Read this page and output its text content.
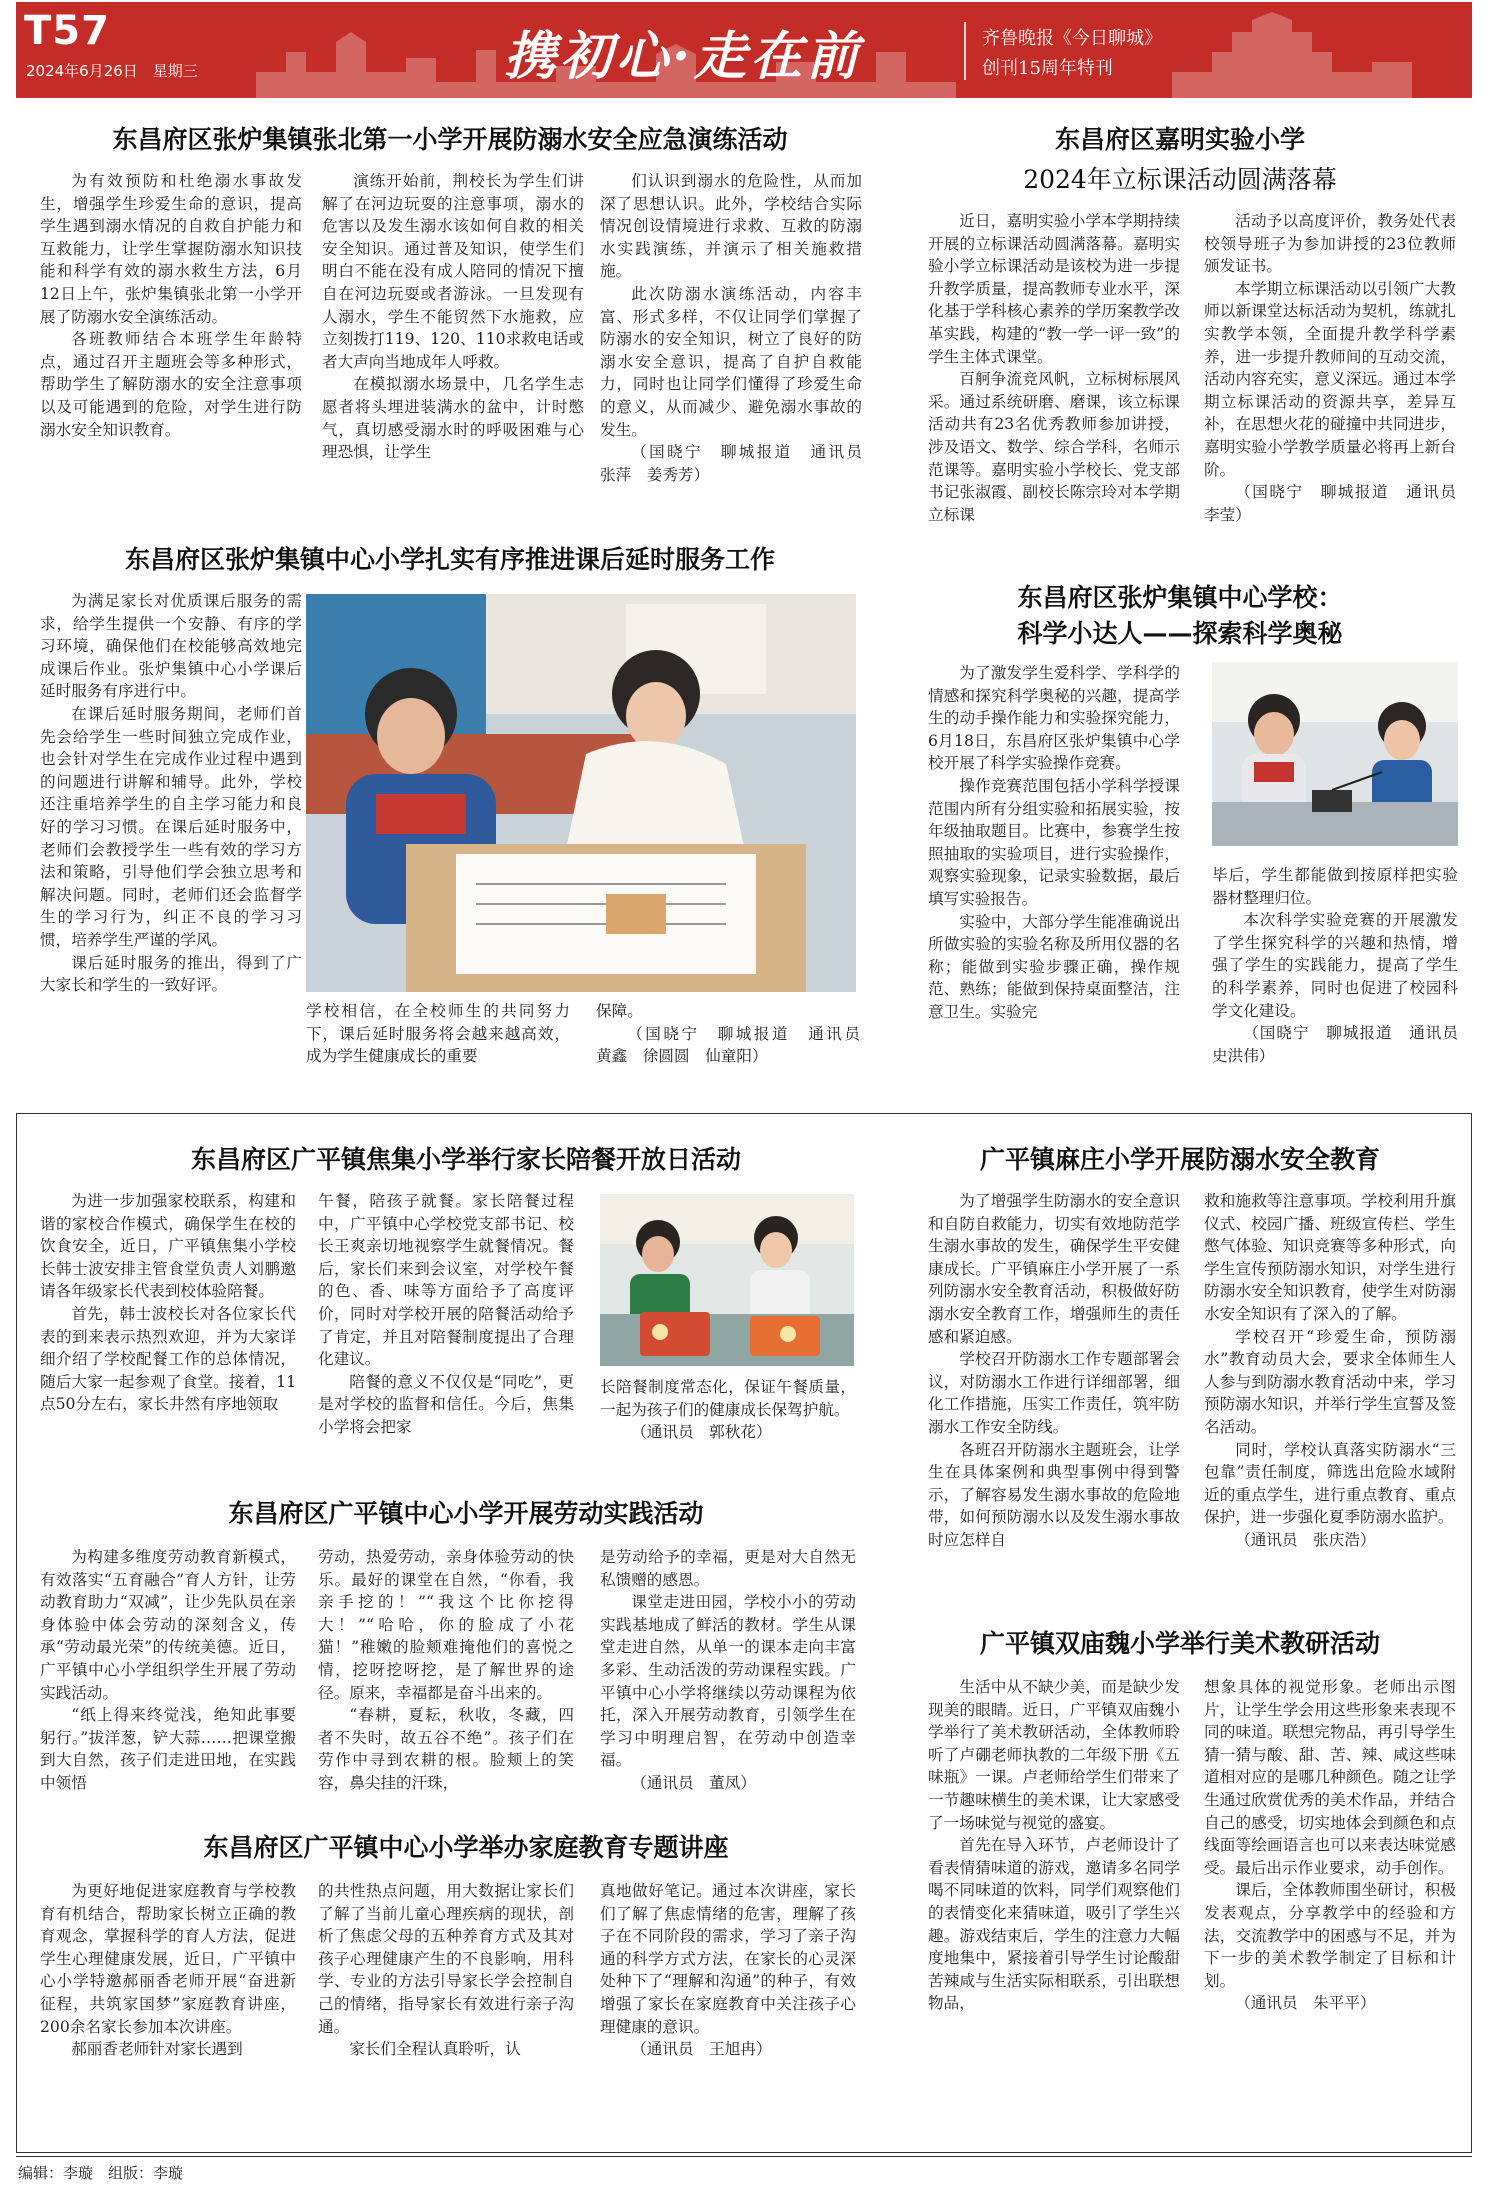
T57
2024年6月26日　星期三	携初心·走在前	齐鲁晚报《今日聊城》
创刊15周年特刊
东昌府区张炉集镇张北第一小学开展防溺水安全应急演练活动

为有效预防和杜绝溺水事故发生，增强学生珍爱生命的意识，提高学生遇到溺水情况的自救自护能力和互救能力，让学生掌握防溺水知识技能和科学有效的溺水救生方法，6月12日上午，张炉集镇张北第一小学开展了防溺水安全演练活动。

各班教师结合本班学生年龄特点，通过召开主题班会等多种形式，帮助学生了解防溺水的安全注意事项以及可能遇到的危险，对学生进行防溺水安全知识教育。

演练开始前，荆校长为学生们讲解了在河边玩耍的注意事项，溺水的危害以及发生溺水该如何自救的相关安全知识。通过普及知识，使学生们明白不能在没有成人陪同的情况下擅自在河边玩耍或者游泳。一旦发现有人溺水，学生不能贸然下水施救，应立刻拨打119、120、110求救电话或者大声向当地成年人呼救。

在模拟溺水场景中，几名学生志愿者将头埋进装满水的盆中，计时憋气，真切感受溺水时的呼吸困难与心理恐惧，让学生

们认识到溺水的危险性，从而加深了思想认识。此外，学校结合实际情况创设情境进行求救、互救的防溺水实践演练，并演示了相关施救措施。

此次防溺水演练活动，内容丰富、形式多样，不仅让同学们掌握了防溺水的安全知识，树立了良好的防溺水安全意识，提高了自护自救能力，同时也让同学们懂得了珍爱生命的意义，从而减少、避免溺水事故的发生。

（国晓宁　聊城报道　通讯员　张萍　姜秀芳）

东昌府区嘉明实验小学
2024年立标课活动圆满落幕

近日，嘉明实验小学本学期持续开展的立标课活动圆满落幕。嘉明实验小学立标课活动是该校为进一步提升教学质量，提高教师专业水平，深化基于学科核心素养的学历案教学改革实践，构建的“教一学一评一致”的学生主体式课堂。

百舸争流竞风帆，立标树标展风采。通过系统研磨、磨课，该立标课活动共有23名优秀教师参加讲授，涉及语文、数学、综合学科，名师示范课等。嘉明实验小学校长、党支部书记张淑霞、副校长陈宗玲对本学期立标课

活动予以高度评价，教务处代表校领导班子为参加讲授的23位教师颁发证书。

本学期立标课活动以引领广大教师以新课堂达标活动为契机，练就扎实教学本领，全面提升教学科学素养，进一步提升教师间的互动交流，活动内容充实，意义深远。通过本学期立标课活动的资源共享，差异互补，在思想火花的碰撞中共同进步，嘉明实验小学教学质量必将再上新台阶。

（国晓宁　聊城报道　通讯员　李莹）

东昌府区张炉集镇中心小学扎实有序推进课后延时服务工作

为满足家长对优质课后服务的需求，给学生提供一个安静、有序的学习环境，确保他们在校能够高效地完成课后作业。张炉集镇中心小学课后延时服务有序进行中。

在课后延时服务期间，老师们首先会给学生一些时间独立完成作业，也会针对学生在完成作业过程中遇到的问题进行讲解和辅导。此外，学校还注重培养学生的自主学习能力和良好的学习习惯。在课后延时服务中，老师们会教授学生一些有效的学习方法和策略，引导他们学会独立思考和解决问题。同时，老师们还会监督学生的学习行为，纠正不良的学习习惯，培养学生严谨的学风。

课后延时服务的推出，得到了广大家长和学生的一致好评。

学校相信，在全校师生的共同努力下，课后延时服务将会越来越高效，成为学生健康成长的重要

保障。

（国晓宁　聊城报道　通讯员　黄鑫　徐圆圆　仙童阳）

东昌府区张炉集镇中心学校：
科学小达人——探索科学奥秘

为了激发学生爱科学、学科学的情感和探究科学奥秘的兴趣，提高学生的动手操作能力和实验探究能力，6月18日，东昌府区张炉集镇中心学校开展了科学实验操作竞赛。

操作竞赛范围包括小学科学授课范围内所有分组实验和拓展实验，按年级抽取题目。比赛中，参赛学生按照抽取的实验项目，进行实验操作，观察实验现象，记录实验数据，最后填写实验报告。

实验中，大部分学生能准确说出所做实验的实验名称及所用仪器的名称；能做到实验步骤正确，操作规范、熟练；能做到保持桌面整洁，注意卫生。实验完

毕后，学生都能做到按原样把实验器材整理归位。

本次科学实验竞赛的开展激发了学生探究科学的兴趣和热情，增强了学生的实践能力，提高了学生的科学素养，同时也促进了校园科学文化建设。

（国晓宁　聊城报道　通讯员　史洪伟）

东昌府区广平镇焦集小学举行家长陪餐开放日活动

为进一步加强家校联系，构建和谐的家校合作模式，确保学生在校的饮食安全，近日，广平镇焦集小学校长韩士波安排主管食堂负责人刘鹏邀请各年级家长代表到校体验陪餐。

首先，韩士波校长对各位家长代表的到来表示热烈欢迎，并为大家详细介绍了学校配餐工作的总体情况，随后大家一起参观了食堂。接着，11点50分左右，家长井然有序地领取

午餐，陪孩子就餐。家长陪餐过程中，广平镇中心学校党支部书记、校长王爽亲切地视察学生就餐情况。餐后，家长们来到会议室，对学校午餐的色、香、味等方面给予了高度评价，同时对学校开展的陪餐活动给予了肯定，并且对陪餐制度提出了合理化建议。

陪餐的意义不仅仅是“同吃”，更是对学校的监督和信任。今后，焦集小学将会把家

长陪餐制度常态化，保证午餐质量，一起为孩子们的健康成长保驾护航。

（通讯员　郭秋花）

广平镇麻庄小学开展防溺水安全教育

为了增强学生防溺水的安全意识和自防自救能力，切实有效地防范学生溺水事故的发生，确保学生平安健康成长。广平镇麻庄小学开展了一系列防溺水安全教育活动，积极做好防溺水安全教育工作，增强师生的责任感和紧迫感。

学校召开防溺水工作专题部署会议，对防溺水工作进行详细部署，细化工作措施，压实工作责任，筑牢防溺水工作安全防线。

各班召开防溺水主题班会，让学生在具体案例和典型事例中得到警示，了解容易发生溺水事故的危险地带，如何预防溺水以及发生溺水事故时应怎样自

救和施救等注意事项。学校利用升旗仪式、校园广播、班级宣传栏、学生憋气体验、知识竞赛等多种形式，向学生宣传预防溺水知识，对学生进行防溺水安全知识教育，使学生对防溺水安全知识有了深入的了解。

学校召开“珍爱生命，预防溺水”教育动员大会，要求全体师生人人参与到防溺水教育活动中来，学习预防溺水知识，并举行学生宣誓及签名活动。

同时，学校认真落实防溺水“三包靠”责任制度，筛选出危险水域附近的重点学生，进行重点教育、重点保护，进一步强化夏季防溺水监护。

（通讯员　张庆浩）

东昌府区广平镇中心小学开展劳动实践活动

为构建多维度劳动教育新模式，有效落实“五育融合”育人方针，让劳动教育助力“双减”，让少先队员在亲身体验中体会劳动的深刻含义，传承“劳动最光荣”的传统美德。近日，广平镇中心小学组织学生开展了劳动实践活动。

“纸上得来终觉浅，绝知此事要躬行。”拔洋葱，铲大蒜……把课堂搬到大自然，孩子们走进田地，在实践中领悟

劳动，热爱劳动，亲身体验劳动的快乐。最好的课堂在自然，“你看，我亲手挖的！”“我这个比你挖得大！”“哈哈，你的脸成了小花猫！”稚嫩的脸颊难掩他们的喜悦之情，挖呀挖呀挖，是了解世界的途径。原来，幸福都是奋斗出来的。

“春耕，夏耘，秋收，冬藏，四者不失时，故五谷不绝”。孩子们在劳作中寻到农耕的根。脸颊上的笑容，鼻尖挂的汗珠，

是劳动给予的幸福，更是对大自然无私馈赠的感恩。

课堂走进田园，学校小小的劳动实践基地成了鲜活的教材。学生从课堂走进自然，从单一的课本走向丰富多彩、生动活泼的劳动课程实践。广平镇中心小学将继续以劳动课程为依托，深入开展劳动教育，引领学生在学习中明理启智，在劳动中创造幸福。

（通讯员　董凤）

广平镇双庙魏小学举行美术教研活动

生活中从不缺少美，而是缺少发现美的眼睛。近日，广平镇双庙魏小学举行了美术教研活动，全体教师聆听了卢硼老师执教的二年级下册《五味瓶》一课。卢老师给学生们带来了一节趣味横生的美术课，让大家感受了一场味觉与视觉的盛宴。

首先在导入环节，卢老师设计了看表情猜味道的游戏，邀请多名同学喝不同味道的饮料，同学们观察他们的表情变化来猜味道，吸引了学生兴趣。游戏结束后，学生的注意力大幅度地集中，紧接着引导学生讨论酸甜苦辣咸与生活实际相联系，引出联想物品，

想象具体的视觉形象。老师出示图片，让学生学会用这些形象来表现不同的味道。联想完物品，再引导学生猜一猜与酸、甜、苦、辣、咸这些味道相对应的是哪几种颜色。随之让学生通过欣赏优秀的美术作品，并结合自己的感受，切实地体会到颜色和点线面等绘画语言也可以来表达味觉感受。最后出示作业要求，动手创作。

课后，全体教师围坐研讨，积极发表观点，分享教学中的经验和方法，交流教学中的困惑与不足，并为下一步的美术教学制定了目标和计划。

（通讯员　朱平平）

东昌府区广平镇中心小学举办家庭教育专题讲座

为更好地促进家庭教育与学校教育有机结合，帮助家长树立正确的教育观念，掌握科学的育人方法，促进学生心理健康发展，近日，广平镇中心小学特邀郝丽香老师开展“奋进新征程，共筑家国梦”家庭教育讲座，200余名家长参加本次讲座。

郝丽香老师针对家长遇到

的共性热点问题，用大数据让家长们了解了当前儿童心理疾病的现状，剖析了焦虑父母的五种养育方式及其对孩子心理健康产生的不良影响，用科学、专业的方法引导家长学会控制自己的情绪，指导家长有效进行亲子沟通。

家长们全程认真聆听，认

真地做好笔记。通过本次讲座，家长们了解了焦虑情绪的危害，理解了孩子在不同阶段的需求，学习了亲子沟通的科学方式方法，在家长的心灵深处种下了“理解和沟通”的种子，有效增强了家长在家庭教育中关注孩子心理健康的意识。

（通讯员　王旭冉）

编辑：李璇　组版：李璇
